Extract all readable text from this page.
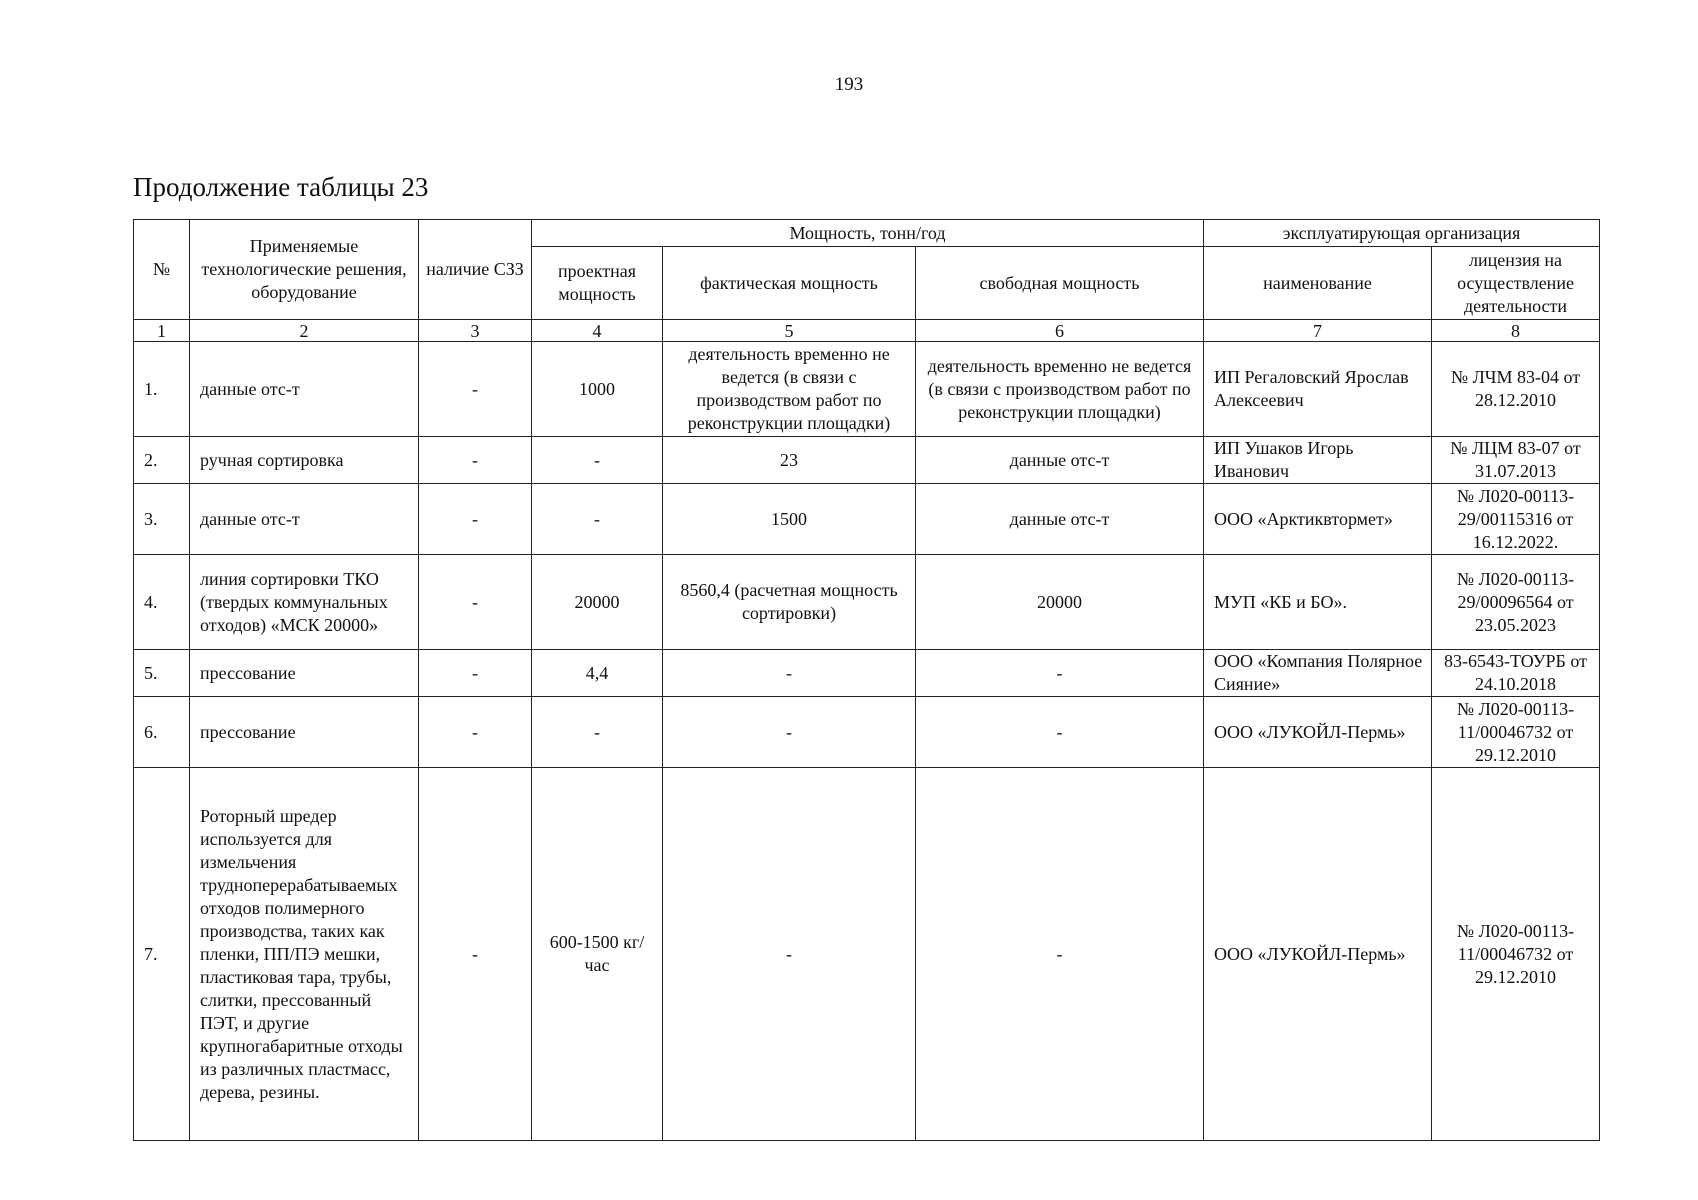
193
Продолжение таблицы 23
№	Применяемые технологические решения, оборудование	наличие СЗЗ	Мощность, тонн/год			эксплуатирующая организация	
			проектная мощность	фактическая мощность	свободная мощность	наименование	лицензия на осуществление деятельности
1	2	3	4	5	6	7	8
1.	данные отс-т	-	1000	деятельность временно не ведется (в связи с производством работ по реконструкции площадки)	деятельность временно не ведется (в связи с производством работ по реконструкции площадки)	ИП Регаловский Ярослав Алексеевич	№ ЛЧМ 83-04 от 28.12.2010
2.	ручная сортировка	-	-	23	данные отс-т	ИП Ушаков Игорь Иванович	№ ЛЦМ 83-07 от 31.07.2013
3.	данные отс-т	-	-	1500	данные отс-т	ООО «Арктиквтормет»	№ Л020-00113-29/00115316 от 16.12.2022.
4.	линия сортировки ТКО (твердых коммунальных отходов) «МСК 20000»	-	20000	8560,4 (расчетная мощность сортировки)	20000	МУП «КБ и БО».	№ Л020-00113-29/00096564 от 23.05.2023
5.	прессование	-	4,4	-	-	ООО «Компания Полярное Сияние»	83-6543-ТОУРБ от 24.10.2018
6.	прессование	-	-	-	-	ООО «ЛУКОЙЛ-Пермь»	№ Л020-00113-11/00046732 от 29.12.2010
7.	Роторный шредер используется для измельчения трудноперерабатываемых отходов полимерного производства, таких как пленки, ПП/ПЭ мешки, пластиковая тара, трубы, слитки, прессованный ПЭТ, и другие крупногабаритные отходы из различных пластмасс, дерева, резины.	-	600-1500 кг/час	-	-	ООО «ЛУКОЙЛ-Пермь»	№ Л020-00113-11/00046732 от 29.12.2010
